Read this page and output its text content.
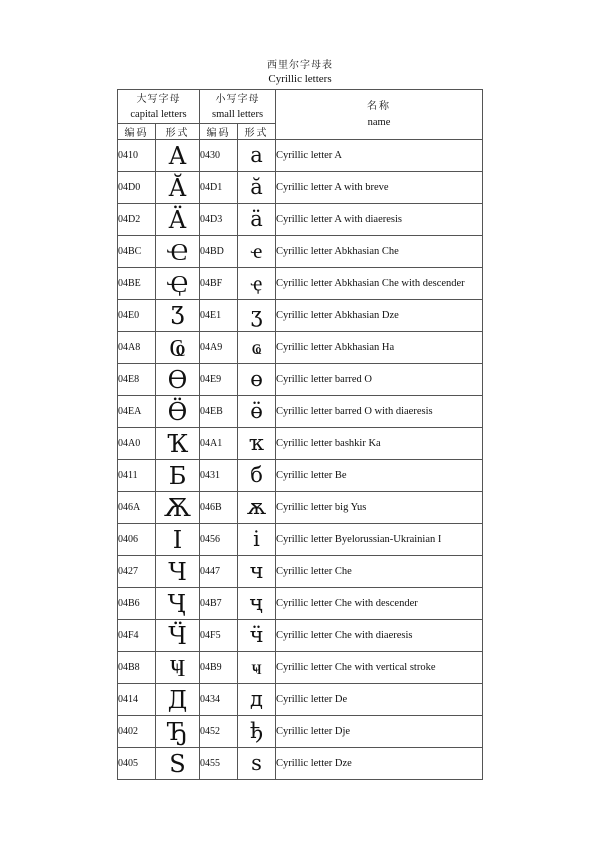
西里尔字母表
Cyrillic letters
大写字母
capital letters		小写字母
small letters		名称
name
编码	形式	编码	形式	
0410	А	0430	а	Cyrillic letter A
04D0	Ӑ	04D1	ӑ	Cyrillic letter A with breve
04D2	Ӓ	04D3	ӓ	Cyrillic letter A with diaeresis
04BC	Ҽ	04BD	ҽ	Cyrillic letter Abkhasian Che
04BE	Ҿ	04BF	ҿ	Cyrillic letter Abkhasian Che with descender
04E0	Ӡ	04E1	ӡ	Cyrillic letter Abkhasian Dze
04A8	Ҩ	04A9	ҩ	Cyrillic letter Abkhasian Ha
04E8	Ө	04E9	ө	Cyrillic letter barred O
04EA	Ӫ	04EB	ӫ	Cyrillic letter barred O with diaeresis
04A0	Ҡ	04A1	ҡ	Cyrillic letter bashkir Ka
0411	Б	0431	б	Cyrillic letter Be
046A	Ѫ	046B	ѫ	Cyrillic letter big Yus
0406	І	0456	і	Cyrillic letter Byelorussian-Ukrainian I
0427	Ч	0447	ч	Cyrillic letter Che
04B6	Ҷ	04B7	ҷ	Cyrillic letter Che with descender
04F4	Ӵ	04F5	ӵ	Cyrillic letter Che with diaeresis
04B8	Ҹ	04B9	ҹ	Cyrillic letter Che with vertical stroke
0414	Д	0434	д	Cyrillic letter De
0402	Ђ	0452	ђ	Cyrillic letter Dje
0405	Ѕ	0455	ѕ	Cyrillic letter Dze
